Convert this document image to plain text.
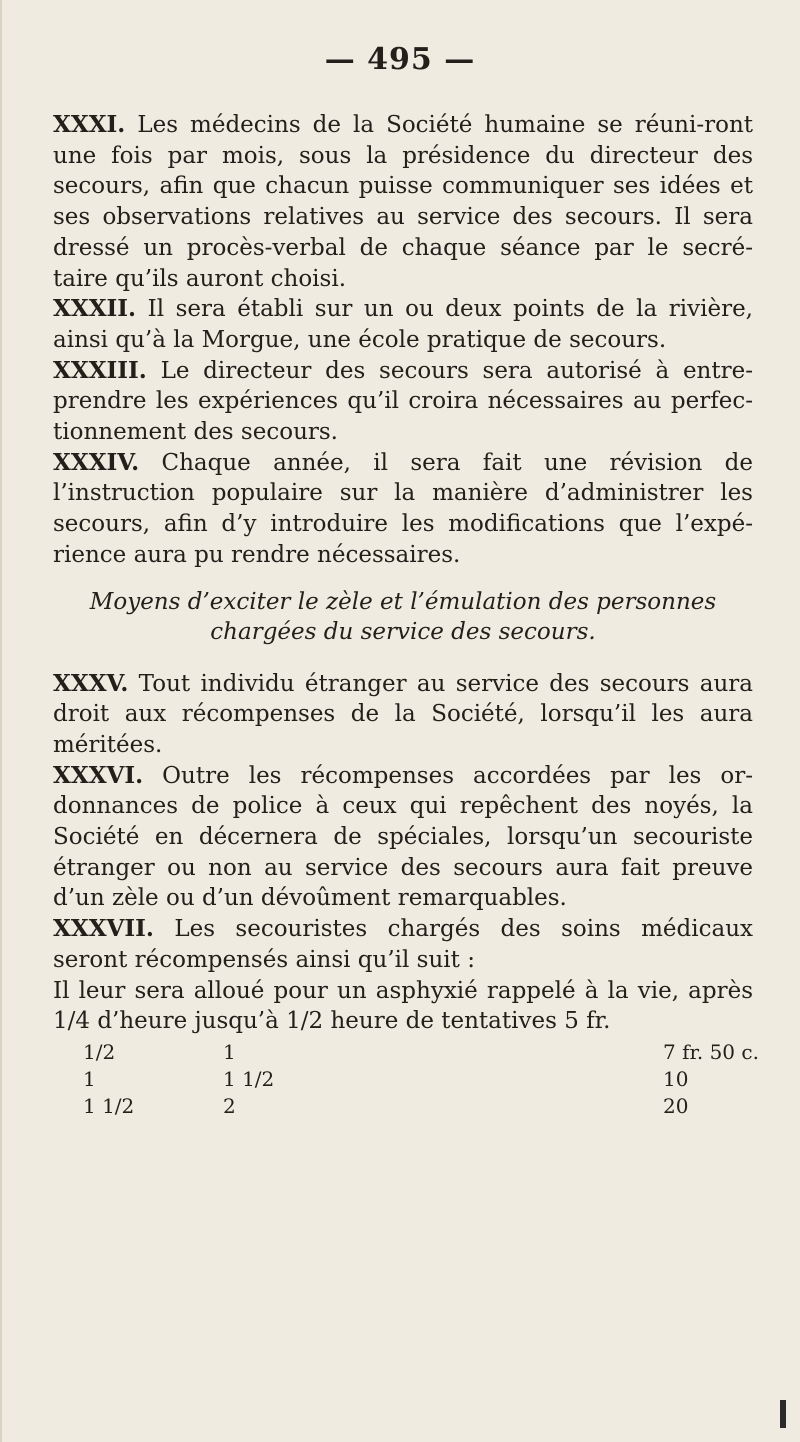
— 495 —

XXXI. Les médecins de la Société humaine se réuni-ront une fois par mois, sous la présidence du directeur des secours, afin que chacun puisse communiquer ses idées et ses observations relatives au service des secours. Il sera dressé un procès-verbal de chaque séance par le secré-taire qu’ils auront choisi.

XXXII. Il sera établi sur un ou deux points de la rivière, ainsi qu’à la Morgue, une école pratique de secours.

XXXIII. Le directeur des secours sera autorisé à entre-prendre les expériences qu’il croira nécessaires au perfec-tionnement des secours.

XXXIV. Chaque année, il sera fait une révision de l’instruction populaire sur la manière d’administrer les secours, afin d’y introduire les modifications que l’expé-rience aura pu rendre nécessaires.

Moyens d’exciter le zèle et l’émulation des personnes chargées du service des secours.

XXXV. Tout individu étranger au service des secours aura droit aux récompenses de la Société, lorsqu’il les aura méritées.

XXXVI. Outre les récompenses accordées par les or-donnances de police à ceux qui repêchent des noyés, la Société en décernera de spéciales, lorsqu’un secouriste étranger ou non au service des secours aura fait preuve d’un zèle ou d’un dévoûment remarquables.

XXXVII. Les secouristes chargés des soins médicaux seront récompensés ainsi qu’il suit :

Il leur sera alloué pour un asphyxié rappelé à la vie, après 1/4 d’heure jusqu’à 1/2 heure de tentatives 5 fr.

1/2	1	7 fr. 50 c.
1	1 1/2	10
1 1/2	2	20
